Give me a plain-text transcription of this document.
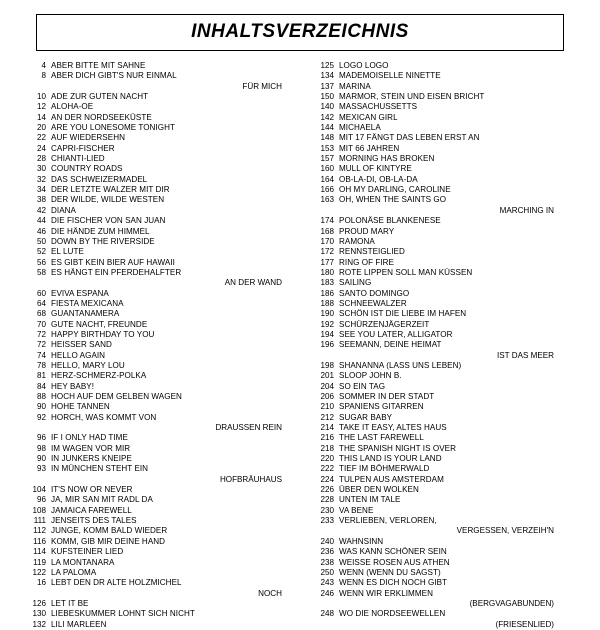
INHALTSVERZEICHNIS
4 ABER BITTE MIT SAHNE
8 ABER DICH GIBT'S NUR EINMAL
FÜR MICH
10 ADE ZUR GUTEN NACHT
12 ALOHA-OE
14 AN DER NORDSEEKÜSTE
20 ARE YOU LONESOME TONIGHT
22 AUF WIEDERSEHN
24 CAPRI-FISCHER
28 CHIANTI-LIED
30 COUNTRY ROADS
32 DAS SCHWEIZERMADEL
34 DER LETZTE WALZER MIT DIR
38 DER WILDE, WILDE WESTEN
42 DIANA
44 DIE FISCHER VON SAN JUAN
46 DIE HÄNDE ZUM HIMMEL
50 DOWN BY THE RIVERSIDE
52 EL LUTE
56 ES GIBT KEIN BIER AUF HAWAII
58 ES HÄNGT EIN PFERDEHALFTER
AN DER WAND
60 EVIVA ESPANA
64 FIESTA MEXICANA
68 GUANTANAMERA
70 GUTE NACHT, FREUNDE
72 HAPPY BIRTHDAY TO YOU
72 HEISSER SAND
74 HELLO AGAIN
78 HELLO, MARY LOU
81 HERZ-SCHMERZ-POLKA
84 HEY BABY!
88 HOCH AUF DEM GELBEN WAGEN
90 HOHE TANNEN
92 HORCH, WAS KOMMT VON
DRAUSSEN REIN
96 IF I ONLY HAD TIME
98 IM WAGEN VOR MIR
90 IN JUNKERS KNEIPE
93 IN MÜNCHEN STEHT EIN
HOFBRÄUHAUS
104 IT'S NOW OR NEVER
96 JA, MIR SAN MIT RADL DA
108 JAMAICA FAREWELL
111 JENSEITS DES TALES
112 JUNGE, KOMM BALD WIEDER
116 KOMM, GIB MIR DEINE HAND
114 KUFSTEINER LIED
119 LA MONTANARA
122 LA PALOMA
16 LEBT DEN DR ALTE HOLZMICHEL
NOCH
126 LET IT BE
130 LIEBESKUMMER LOHNT SICH NICHT
132 LILI MARLEEN
125 LOGO LOGO
134 MADEMOISELLE NINETTE
137 MARINA
150 MARMOR, STEIN UND EISEN BRICHT
140 MASSACHUSSETTS
142 MEXICAN GIRL
144 MICHAELA
148 MIT 17 FÄNGT DAS LEBEN ERST AN
153 MIT 66 JAHREN
157 MORNING HAS BROKEN
160 MULL OF KINTYRE
164 OB-LA-DI, OB-LA-DA
166 OH MY DARLING, CAROLINE
163 OH, WHEN THE SAINTS GO
MARCHING IN
174 POLONÄSE BLANKENESE
168 PROUD MARY
170 RAMONA
172 RENNSTEIGLIED
177 RING OF FIRE
180 ROTE LIPPEN SOLL MAN KÜSSEN
183 SAILING
186 SANTO DOMINGO
188 SCHNEEWALZER
190 SCHÖN IST DIE LIEBE IM HAFEN
192 SCHÜRZENJÄGERZEIT
194 SEE YOU LATER, ALLIGATOR
196 SEEMANN, DEINE HEIMAT
IST DAS MEER
198 SHANANNA (LASS UNS LEBEN)
201 SLOOP JOHN B.
204 SO EIN TAG
206 SOMMER IN DER STADT
210 SPANIENS GITARREN
212 SUGAR BABY
214 TAKE IT EASY, ALTES HAUS
216 THE LAST FAREWELL
218 THE SPANISH NIGHT IS OVER
220 THIS LAND IS YOUR LAND
222 TIEF IM BÖHMERWALD
224 TULPEN AUS AMSTERDAM
226 ÜBER DEN WOLKEN
228 UNTEN IM TALE
230 VA BENE
233 VERLIEBEN, VERLOREN,
VERGESSEN, VERZEIH'N
240 WAHNSINN
236 WAS KANN SCHÖNER SEIN
238 WEISSE ROSEN AUS ATHEN
250 WENN (WENN DU SAGST)
243 WENN ES DICH NOCH GIBT
246 WENN WIR ERKLIMMEN
(BERGVAGABUNDEN)
248 WO DIE NORDSEEWELLEN
(FRIESENLIED)
